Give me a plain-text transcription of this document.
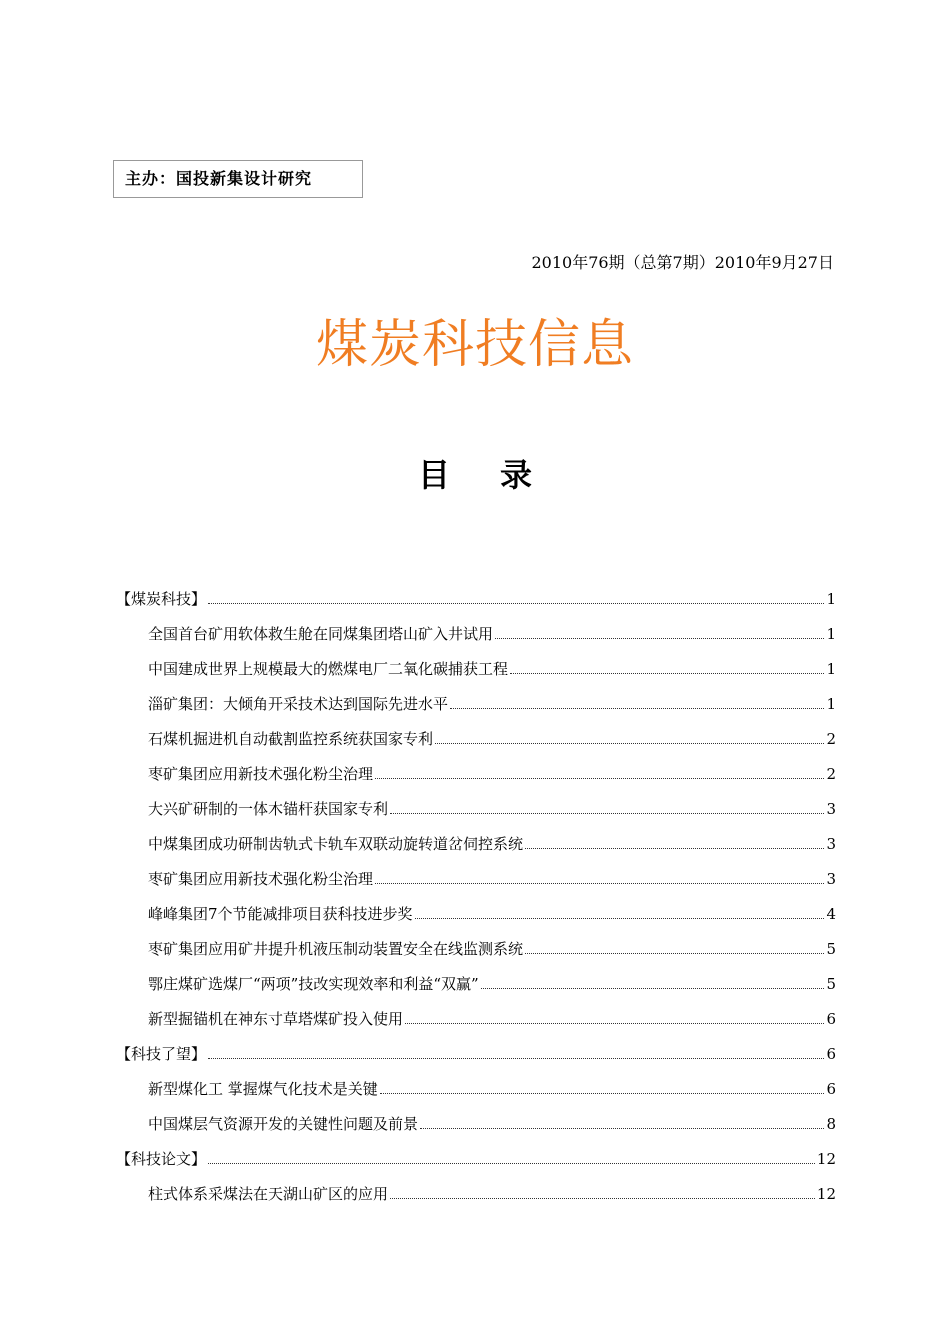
主办：国投新集设计研究
2010年76期（总第7期）2010年9月27日
煤炭科技信息
目 录
【煤炭科技】	1
全国首台矿用软体救生舱在同煤集团塔山矿入井试用	1
中国建成世界上规模最大的燃煤电厂二氧化碳捕获工程	1
淄矿集团：大倾角开采技术达到国际先进水平	1
石煤机掘进机自动截割监控系统获国家专利	2
枣矿集团应用新技术强化粉尘治理	2
大兴矿研制的一体木锚杆获国家专利	3
中煤集团成功研制齿轨式卡轨车双联动旋转道岔伺控系统	3
枣矿集团应用新技术强化粉尘治理	3
峰峰集团7个节能减排项目获科技进步奖	4
枣矿集团应用矿井提升机液压制动装置安全在线监测系统	5
鄂庄煤矿选煤厂“两项”技改实现效率和利益“双赢”	5
新型掘锚机在神东寸草塔煤矿投入使用	6
【科技了望】	6
新型煤化工 掌握煤气化技术是关键	6
中国煤层气资源开发的关键性问题及前景	8
【科技论文】	12
柱式体系采煤法在天湖山矿区的应用	12
